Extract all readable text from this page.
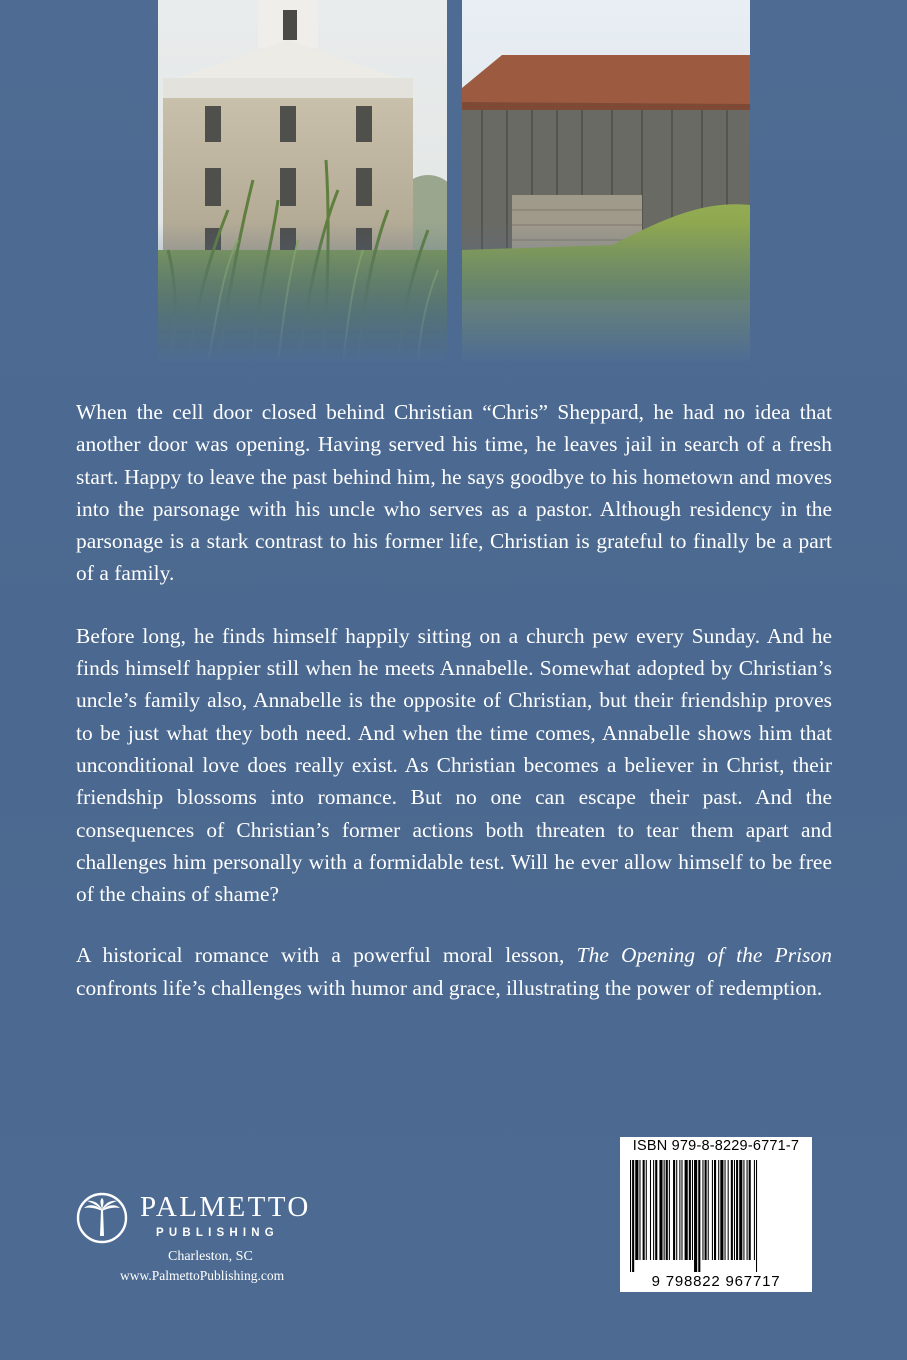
When the cell door closed behind Christian “Chris” Sheppard, he had no idea that another door was opening. Having served his time, he leaves jail in search of a fresh start. Happy to leave the past behind him, he says goodbye to his hometown and moves into the parsonage with his uncle who serves as a pastor. Although residency in the parsonage is a stark contrast to his former life, Christian is grateful to finally be a part of a family.

Before long, he finds himself happily sitting on a church pew every Sunday. And he finds himself happier still when he meets Annabelle. Somewhat adopted by Christian’s uncle’s family also, Annabelle is the opposite of Christian, but their friendship proves to be just what they both need. And when the time comes, Annabelle shows him that unconditional love does really exist. As Christian becomes a believer in Christ, their friendship blossoms into romance. But no one can escape their past. And the consequences of Christian’s former actions both threaten to tear them apart and challenges him personally with a formidable test. Will he ever allow himself to be free of the chains of shame?

A historical romance with a powerful moral lesson, The Opening of the Prison confronts life’s challenges with humor and grace, illustrating the power of redemption.

PALMETTO
PUBLISHING
Charleston, SC
www.PalmettoPublishing.com
ISBN 979-8-8229-6771-7
9 798822 967717
